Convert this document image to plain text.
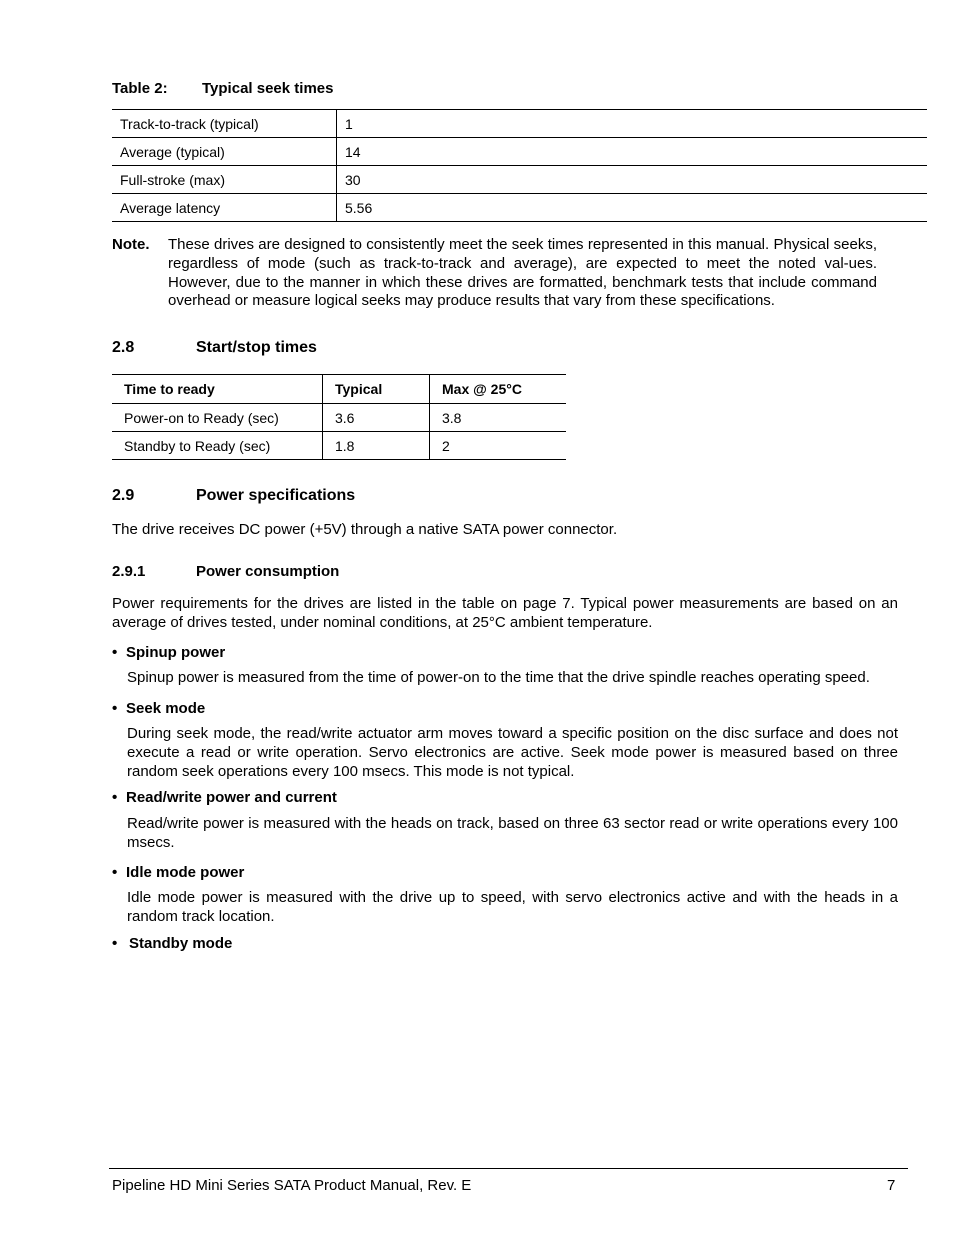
Table 2: Typical seek times
Track-to-track (typical)	1
Average (typical)	14
Full-stroke (max)	30
Average latency	5.56
Note. These drives are designed to consistently meet the seek times represented in this manual. Physical seeks, regardless of mode (such as track-to-track and average), are expected to meet the noted val-ues. However, due to the manner in which these drives are formatted, benchmark tests that include command overhead or measure logical seeks may produce results that vary from these specifications.
2.8	Start/stop times
Time to ready	Typical	Max @ 25°C
Power-on to Ready (sec)	3.6	3.8
Standby to Ready (sec)	1.8	2
2.9	Power specifications
The drive receives DC power (+5V) through a native SATA power connector.
2.9.1	Power consumption
Power requirements for the drives are listed in the table on page 7. Typical power measurements are based on an average of drives tested, under nominal conditions, at 25°C ambient temperature.
• Spinup power
Spinup power is measured from the time of power-on to the time that the drive spindle reaches operating speed.
• Seek mode
During seek mode, the read/write actuator arm moves toward a specific position on the disc surface and does not execute a read or write operation. Servo electronics are active. Seek mode power is measured based on three random seek operations every 100 msecs. This mode is not typical.
• Read/write power and current
Read/write power is measured with the heads on track, based on three 63 sector read or write operations every 100 msecs.
• Idle mode power
Idle mode power is measured with the drive up to speed, with servo electronics active and with the heads in a random track location.
• Standby mode
Pipeline HD Mini Series SATA Product Manual, Rev. E	7
